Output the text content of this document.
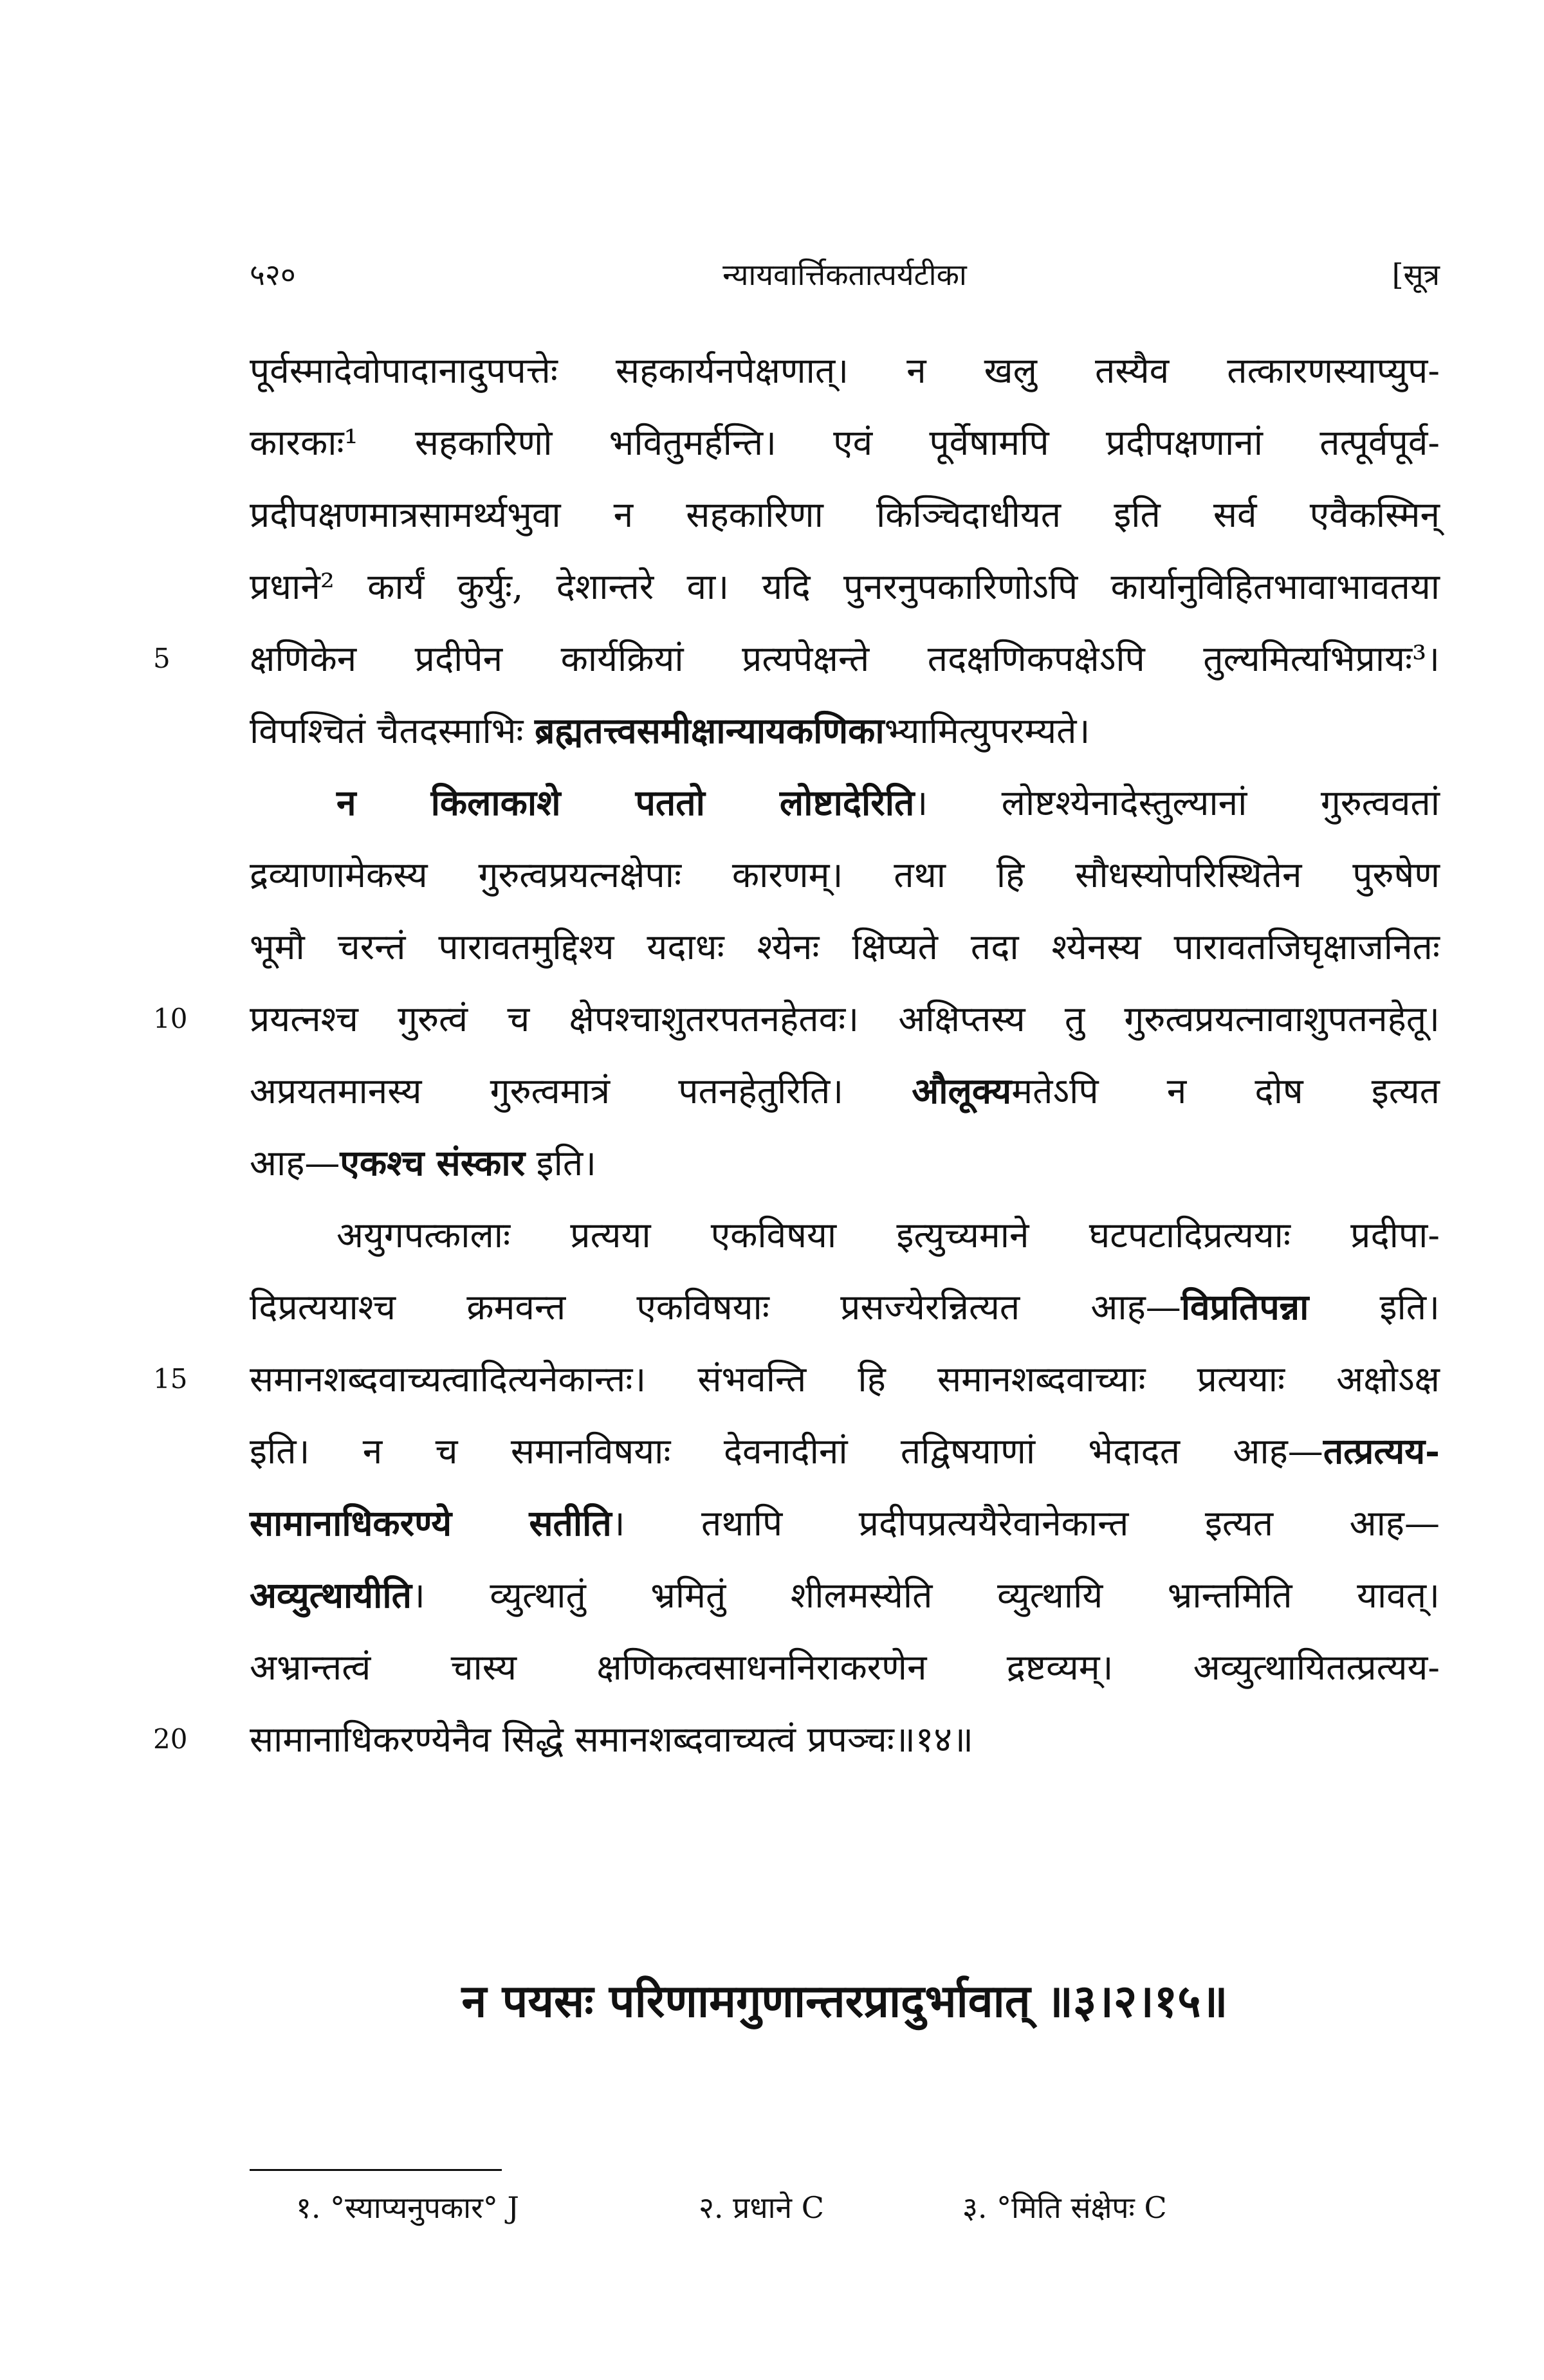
५२०	न्यायवार्त्तिकतात्पर्यटीका	[सूत्र
पूर्वस्मादेवोपादानादुपपत्तेः सहकार्यनपेक्षणात्। न खलु तस्यैव तत्कारणस्याप्युप-
कारकाः¹ सहकारिणो भवितुमर्हन्ति। एवं पूर्वेषामपि प्रदीपक्षणानां तत्पूर्वपूर्व-
प्रदीपक्षणमात्रसामर्थ्यभुवा न सहकारिणा किञ्चिदाधीयत इति सर्व एवैकस्मिन्
प्रधाने² कार्यं कुर्युः, देशान्तरे वा। यदि पुनरनुपकारिणोऽपि कार्यानुविहितभावाभावतया
5	क्षणिकेन प्रदीपेन कार्यक्रियां प्रत्यपेक्षन्ते तदक्षणिकपक्षेऽपि तुल्यमित्यभिप्रायः³।
विपश्चितं चैतदस्माभिः ब्रह्मतत्त्वसमीक्षान्यायकणिकाभ्यामित्युपरम्यते।
न किलाकाशे पततो लोष्टादेरिति। लोष्टश्येनादेस्तुल्यानां गुरुत्ववतां
द्रव्याणामेकस्य गुरुत्वप्रयत्नक्षेपाः कारणम्। तथा हि सौधस्योपरिस्थितेन पुरुषेण
भूमौ चरन्तं पारावतमुद्दिश्य यदाधः श्येनः क्षिप्यते तदा श्येनस्य पारावतजिघृक्षाजनितः
10	प्रयत्नश्च गुरुत्वं च क्षेपश्चाशुतरपतनहेतवः। अक्षिप्तस्य तु गुरुत्वप्रयत्नावाशुपतनहेतू।
अप्रयतमानस्य गुरुत्वमात्रं पतनहेतुरिति। औलूक्यमतेऽपि न दोष इत्यत
आह—एकश्च संस्कार इति।
अयुगपत्कालाः प्रत्यया एकविषया इत्युच्यमाने घटपटादिप्रत्ययाः प्रदीपा-
दिप्रत्ययाश्च क्रमवन्त एकविषयाः प्रसज्येरन्नित्यत आह—विप्रतिपन्ना इति।
15	समानशब्दवाच्यत्वादित्यनेकान्तः। संभवन्ति हि समानशब्दवाच्याः प्रत्ययाः अक्षोऽक्ष
इति। न च समानविषयाः देवनादीनां तद्विषयाणां भेदादत आह—तत्प्रत्यय-
सामानाधिकरण्ये सतीति। तथापि प्रदीपप्रत्ययैरेवानेकान्त इत्यत आह—
अव्युत्थायीति। व्युत्थातुं भ्रमितुं शीलमस्येति व्युत्थायि भ्रान्तमिति यावत्।
अभ्रान्तत्वं चास्य क्षणिकत्वसाधननिराकरणेन द्रष्टव्यम्। अव्युत्थायितत्प्रत्यय-
20	सामानाधिकरण्येनैव सिद्धे समानशब्दवाच्यत्वं प्रपञ्चः॥१४॥
न पयसः परिणामगुणान्तरप्रादुर्भावात् ॥३।२।१५॥
१. °स्याप्यनुपकार° J	२. प्रधाने C	३. °मिति संक्षेपः C
